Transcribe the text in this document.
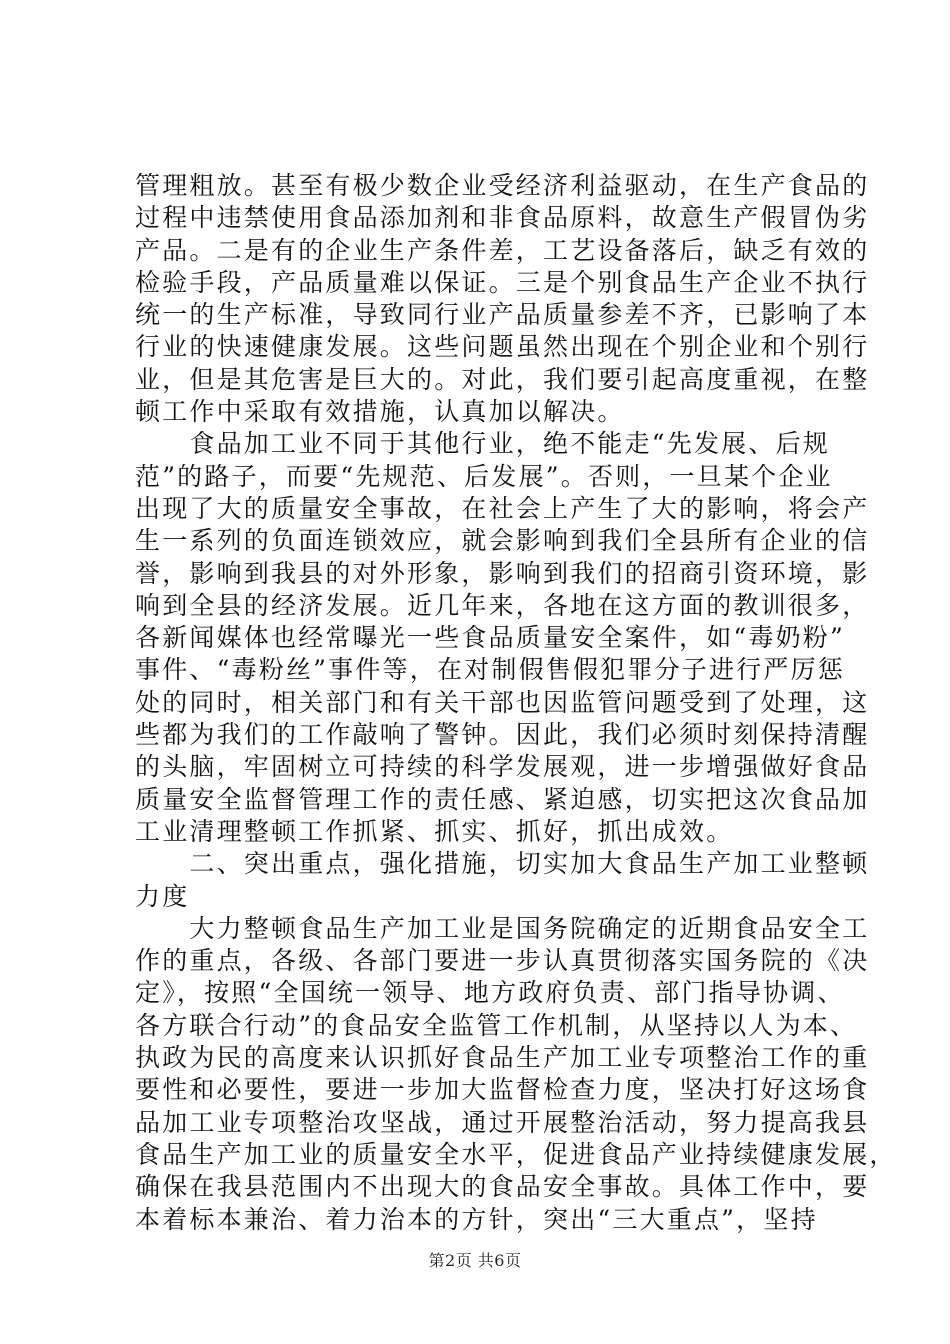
管理粗放。甚至有极少数企业受经济利益驱动，在生产食品的
过程中违禁使用食品添加剂和非食品原料，故意生产假冒伪劣
产品。二是有的企业生产条件差，工艺设备落后，缺乏有效的
检验手段，产品质量难以保证。三是个别食品生产企业不执行
统一的生产标准，导致同行业产品质量参差不齐，已影响了本
行业的快速健康发展。这些问题虽然出现在个别企业和个别行
业，但是其危害是巨大的。对此，我们要引起高度重视，在整
顿工作中采取有效措施，认真加以解决。
　　食品加工业不同于其他行业，绝不能走“先发展、后规
范”的路子，而要“先规范、后发展”。否则，一旦某个企业
出现了大的质量安全事故，在社会上产生了大的影响，将会产
生一系列的负面连锁效应，就会影响到我们全县所有企业的信
誉，影响到我县的对外形象，影响到我们的招商引资环境，影
响到全县的经济发展。近几年来，各地在这方面的教训很多，
各新闻媒体也经常曝光一些食品质量安全案件，如“毒奶粉”
事件、“毒粉丝”事件等，在对制假售假犯罪分子进行严厉惩
处的同时，相关部门和有关干部也因监管问题受到了处理，这
些都为我们的工作敲响了警钟。因此，我们必须时刻保持清醒
的头脑，牢固树立可持续的科学发展观，进一步增强做好食品
质量安全监督管理工作的责任感、紧迫感，切实把这次食品加
工业清理整顿工作抓紧、抓实、抓好，抓出成效。
　　二、突出重点，强化措施，切实加大食品生产加工业整顿
力度
　　大力整顿食品生产加工业是国务院确定的近期食品安全工
作的重点，各级、各部门要进一步认真贯彻落实国务院的《决
定》，按照“全国统一领导、地方政府负责、部门指导协调、
各方联合行动”的食品安全监管工作机制，从坚持以人为本、
执政为民的高度来认识抓好食品生产加工业专项整治工作的重
要性和必要性，要进一步加大监督检查力度，坚决打好这场食
品加工业专项整治攻坚战，通过开展整治活动，努力提高我县
食品生产加工业的质量安全水平，促进食品产业持续健康发展，
确保在我县范围内不出现大的食品安全事故。具体工作中，要
本着标本兼治、着力治本的方针，突出“三大重点”，坚持
第2页 共6页
